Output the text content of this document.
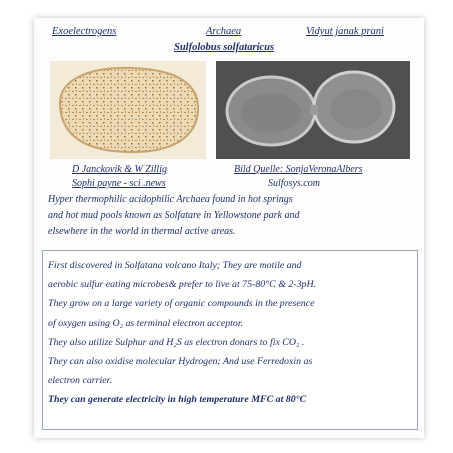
Exoelectrogens	Archaea	Vidyut janak prani
Sulfolobus solfataricus
D Janckovik & W Zillig
Sophi payne - sci .news
Bild Quelle: SonjaVeronaAlbers
Sulfosys.com
Hyper thermophilic acidophilic Archaea found in hot springs
and hot mud pools known as Solfatare in Yellowstone park and
elsewhere in the world in thermal active areas.
First discovered in Solfatana volcano Italy; They are motile and
aerobic sulfur eating microbes& prefer to live at 75-80°C & 2-3pH.
They grow on a large variety of organic compounds in the presence
of oxygen using O₂ as terminal electron acceptor.
They also utilize Sulphur and H₂S as electron donars to fix CO₂ .
They can also oxidise molecular Hydrogen; And use Ferredoxin as
electron carrier.
They can generate electricity in high temperature MFC at 80°C
